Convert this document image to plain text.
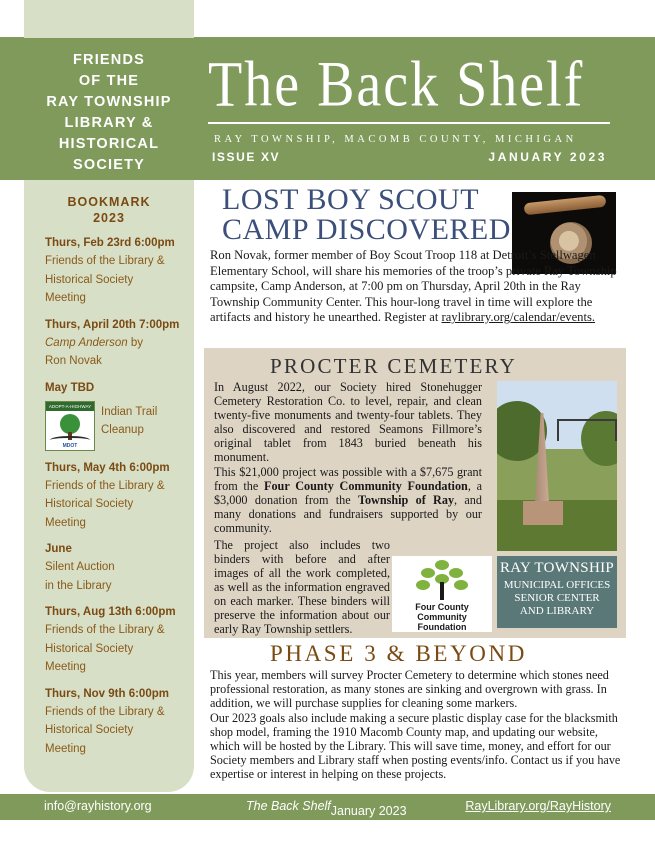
FRIENDS
OF THE
RAY TOWNSHIP
LIBRARY &
HISTORICAL
SOCIETY
The Back Shelf
RAY TOWNSHIP, MACOMB COUNTY, MICHIGAN
ISSUE XV	JANUARY 2023
BOOKMARK
2023
Thurs, Feb 23rd 6:00pm
Friends of the Library &
Historical Society
Meeting
Thurs, April 20th 7:00pm
Camp Anderson by
Ron Novak
May TBD
ADOPT-A-HIGHWAY
MDOT
Indian Trail
Cleanup
Thurs, May 4th 6:00pm
Friends of the Library &
Historical Society
Meeting
June
Silent Auction
in the Library
Thurs, Aug 13th 6:00pm
Friends of the Library &
Historical Society
Meeting
Thurs, Nov 9th 6:00pm
Friends of the Library &
Historical Society
Meeting
LOST BOY SCOUT
CAMP DISCOVERED
Ron Novak, former member of Boy Scout Troop 118 at Detroit’s Stellwagen Elementary School, will share his memories of the troop’s private Ray Township campsite, Camp Anderson, at 7:00 pm on Thursday, April 20th in the Ray Township Community Center. This hour-long travel in time will explore the artifacts and history he unearthed. Register at raylibrary.org/calendar/events.
PROCTER CEMETERY
In August 2022, our Society hired Stonehugger Cemetery Restoration Co. to level, repair, and clean twenty-five monuments and twenty-four tablets. They also discovered and restored Seamons Fillmore’s original tablet from 1843 buried beneath his monument.
This $21,000 project was possible with a $7,675 grant from the Four County Community Foundation, a $3,000 donation from the Township of Ray, and many donations and fundraisers supported by our community.
The project also includes two binders with before and after images of all the work completed, as well as the information engraved on each marker. These binders will preserve the information about our early Ray Township settlers.
Four County
Community Foundation
RAY TOWNSHIP
MUNICIPAL OFFICES
SENIOR CENTER
AND LIBRARY
PHASE 3 & BEYOND

This year, members will survey Procter Cemetery to determine which stones need professional restoration, as many stones are sinking and overgrown with grass. In addition, we will purchase supplies for cleaning some markers.

Our 2023 goals also include making a secure plastic display case for the blacksmith shop model, framing the 1910 Macomb County map, and updating our website, which will be hosted by the Library. This will save time, money, and effort for our Society members and Library staff when posting events/info. Contact us if you have expertise or interest in helping on these projects.

info@rayhistory.org	The Back Shelf January 2023	RayLibrary.org/RayHistory
